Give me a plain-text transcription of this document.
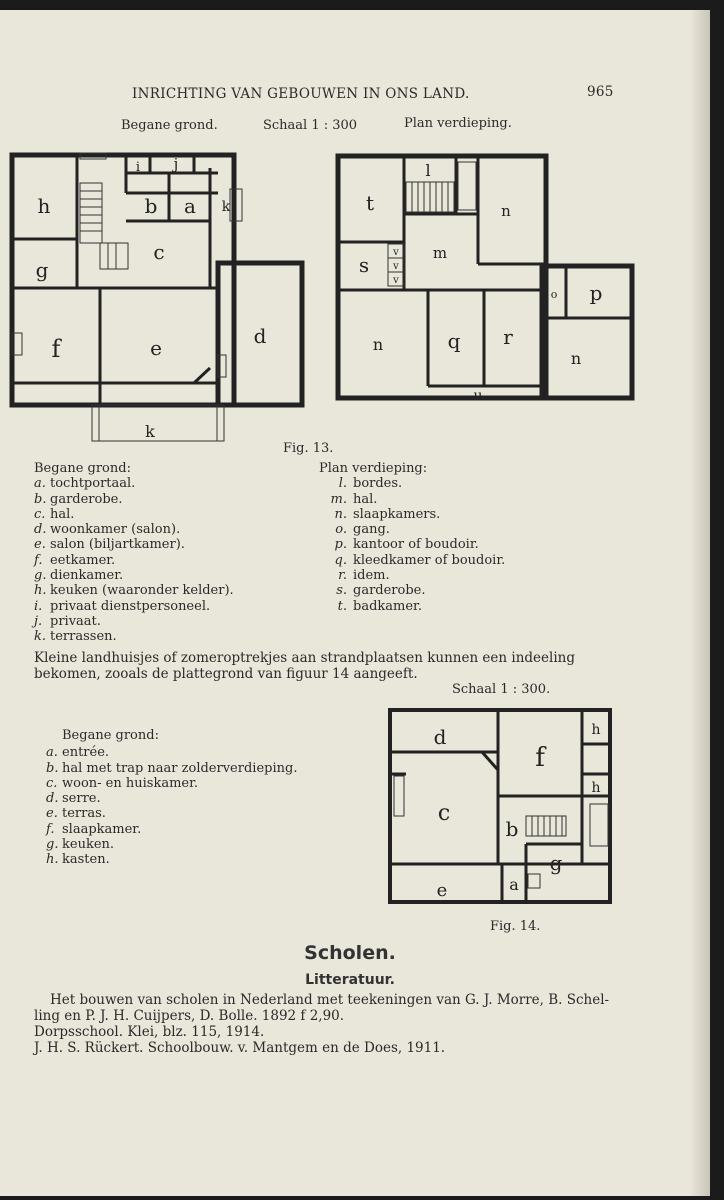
INRICHTING VAN GEBOUWEN IN ONS LAND.	965
Begane grond.	Schaal 1 : 300	Plan verdieping.
h
i j
b a k
c
g
f	e	d
k
l
t	n
m
s
v
v
v
o p
n	q r
n
u
Fig. 13.
Begane grond:
a. tochtportaal.
b. garderobe.
c. hal.
d. woonkamer (salon).
e. salon (biljartkamer).
f. eetkamer.
g. dienkamer.
h. keuken (waaronder kelder).
i. privaat dienstpersoneel.
j. privaat.
k. terrassen.
Plan verdieping:
l. bordes.
m. hal.
n. slaapkamers.
o. gang.
p. kantoor of boudoir.
q. kleedkamer of boudoir.
r. idem.
s. garderobe.
t. badkamer.
Kleine landhuisjes of zomeroptrekjes aan strandplaatsen kunnen een indeeling
bekomen, zooals de plattegrond van figuur 14 aangeeft.
Schaal 1 : 300.
Begane grond:
a. entrée.
b. hal met trap naar zolderverdieping.
c. woon- en huiskamer.
d. serre.
e. terras.
f. slaapkamer.
g. keuken.
h. kasten.
d
f
h
h
c
b
g
e	a
Fig. 14.
Scholen.
Litteratuur.
Het bouwen van scholen in Nederland met teekeningen van G. J. Morre, B. Schel-
ling en P. J. H. Cuijpers, D. Bolle. 1892 f 2,90.
Dorpsschool. Klei, blz. 115, 1914.
J. H. S. Rückert. Schoolbouw. v. Mantgem en de Does, 1911.
